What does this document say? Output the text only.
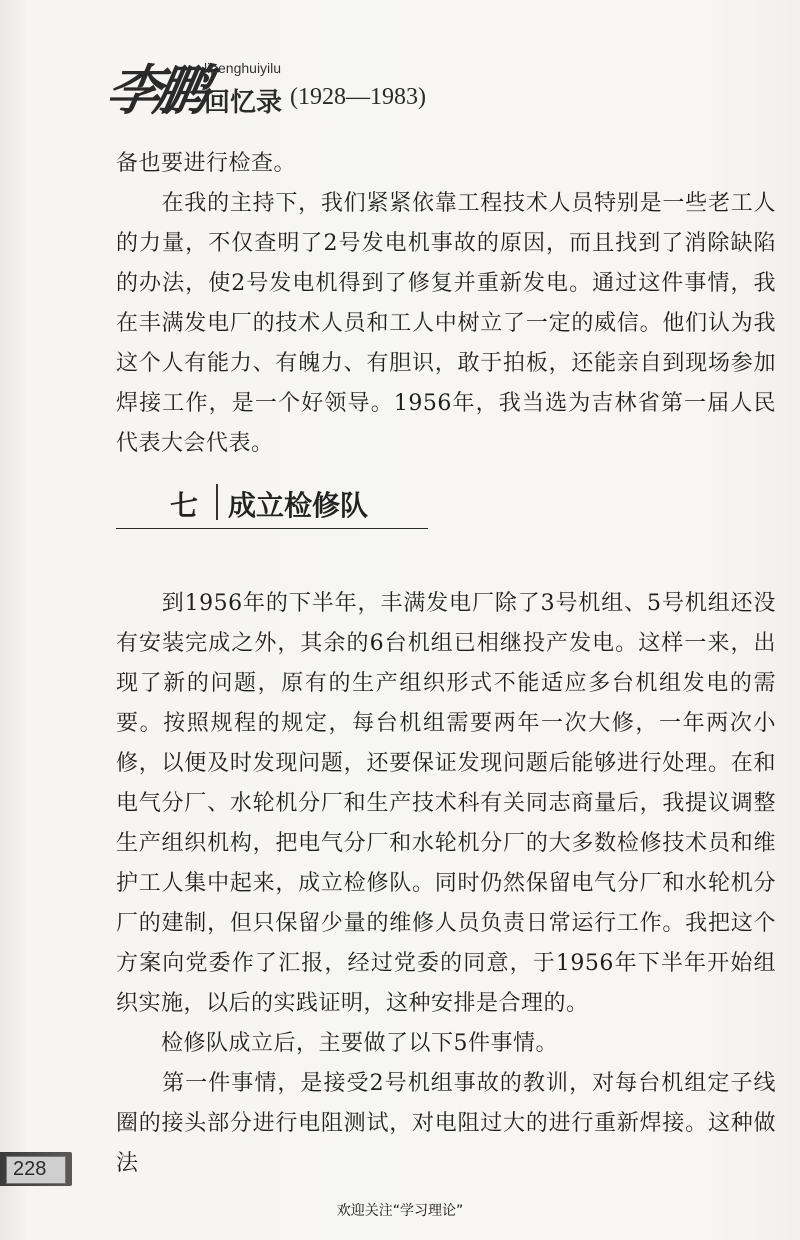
李鹏
lipenghuiyilu
回忆录 (1928—1983)
备也要进行检查。
　　在我的主持下，我们紧紧依靠工程技术人员特别是一些老工人的力量，不仅查明了2号发电机事故的原因，而且找到了消除缺陷的办法，使2号发电机得到了修复并重新发电。通过这件事情，我在丰满发电厂的技术人员和工人中树立了一定的威信。他们认为我这个人有能力、有魄力、有胆识，敢于拍板，还能亲自到现场参加焊接工作，是一个好领导。1956年，我当选为吉林省第一届人民代表大会代表。
七 成立检修队
　　到1956年的下半年，丰满发电厂除了3号机组、5号机组还没有安装完成之外，其余的6台机组已相继投产发电。这样一来，出现了新的问题，原有的生产组织形式不能适应多台机组发电的需要。按照规程的规定，每台机组需要两年一次大修，一年两次小修，以便及时发现问题，还要保证发现问题后能够进行处理。在和电气分厂、水轮机分厂和生产技术科有关同志商量后，我提议调整生产组织机构，把电气分厂和水轮机分厂的大多数检修技术员和维护工人集中起来，成立检修队。同时仍然保留电气分厂和水轮机分厂的建制，但只保留少量的维修人员负责日常运行工作。我把这个方案向党委作了汇报，经过党委的同意，于1956年下半年开始组织实施，以后的实践证明，这种安排是合理的。
　　检修队成立后，主要做了以下5件事情。
　　第一件事情，是接受2号机组事故的教训，对每台机组定子线圈的接头部分进行电阻测试，对电阻过大的进行重新焊接。这种做法
228
欢迎关注“学习理论”
